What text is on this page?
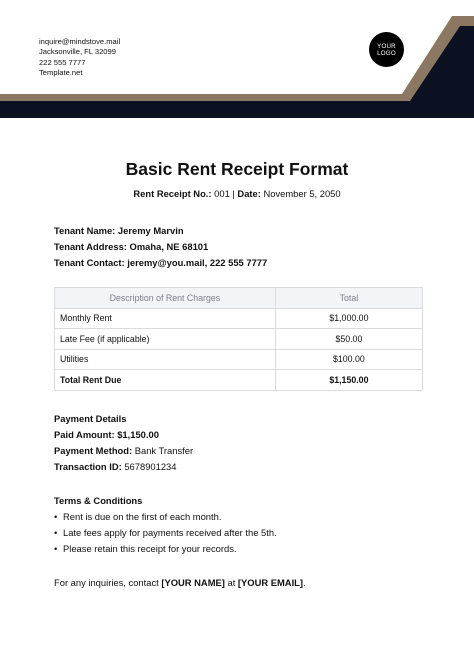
inquire@mindstove.mail
Jacksonville, FL 32099
222 555 7777
Template.net
YOUR
LOGO
Basic Rent Receipt Format
Rent Receipt No.: 001 | Date: November 5, 2050
Tenant Name: Jeremy Marvin
Tenant Address: Omaha, NE 68101
Tenant Contact: jeremy@you.mail, 222 555 7777
Description of Rent Charges	Total
Monthly Rent	$1,000.00
Late Fee (if applicable)	$50.00
Utilities	$100.00
Total Rent Due	$1,150.00
Payment Details
Paid Amount: $1,150.00
Payment Method: Bank Transfer
Transaction ID: 5678901234
Terms & Conditions
• Rent is due on the first of each month.
• Late fees apply for payments received after the 5th.
• Please retain this receipt for your records.
For any inquiries, contact [YOUR NAME] at [YOUR EMAIL].
